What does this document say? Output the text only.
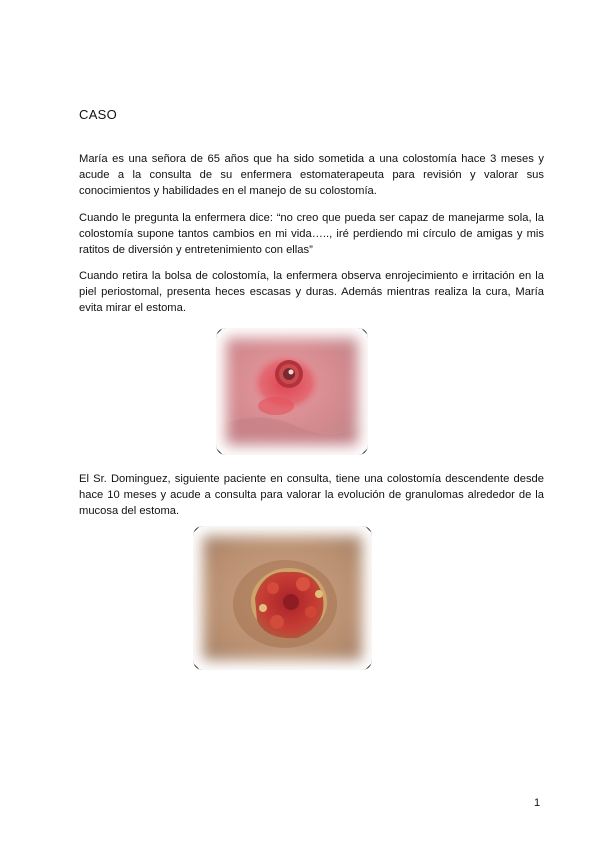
CASO

María es una señora de 65 años que ha sido sometida a una colostomía hace 3 meses y acude a la consulta de su enfermera estomaterapeuta para revisión y valorar sus conocimientos y habilidades en el manejo de su colostomía.

Cuando le pregunta la enfermera dice: “no creo que pueda ser capaz de manejarme sola, la colostomía supone tantos cambios en mi vida….., iré perdiendo mi círculo de amigas y mis ratitos de diversión y entretenimiento con ellas”

Cuando retira la bolsa de colostomía, la enfermera observa enrojecimiento e irritación en la piel periostomal, presenta heces escasas y duras. Además mientras realiza la cura, María evita mirar el estoma.

El Sr. Dominguez, siguiente paciente en consulta, tiene una colostomía descendente desde hace 10 meses y acude a consulta para valorar la evolución de granulomas alrededor de la mucosa del estoma.

1
